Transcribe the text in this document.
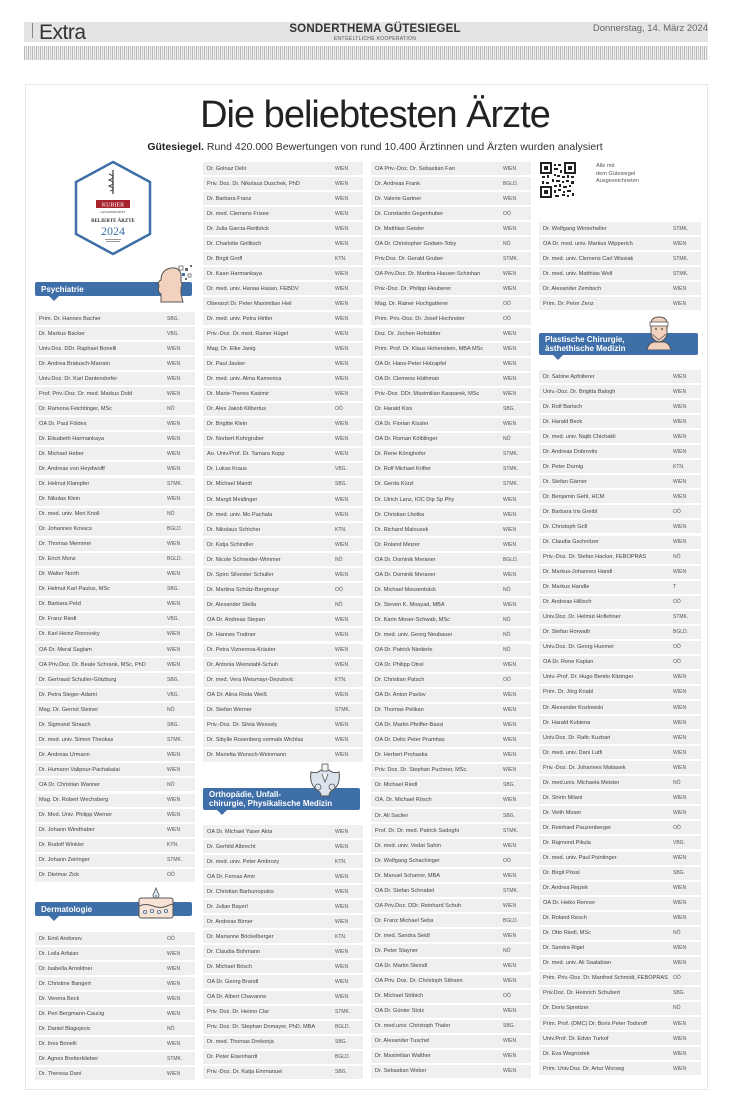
Extra	SONDERTHEMA GÜTESIEGEL
ENTGELTLICHE KOOPERATION
Donnerstag, 14. März 2024
Die beliebtesten Ärzte
Gütesiegel. Rund 420.000 Bewertungen von rund 10.400 Ärztinnen und Ärzten wurden analysiert
KURIER
AUSGEZEICHNET
BELIEBTE ÄRZTE
2024
Alle mit
dem Gütesiegel
Ausgezeichneten
Psychiatrie
Prim. Dr. Hannes Bacher	SBG.
Dr. Markus Backer	VBG.
Univ.Doz. DDr. Raphael Bonelli	WIEN
Dr. Andrea Bratusch-Marrain	WIEN
Univ.Doz. Dr. Karl Dantendorfer	WIEN
Prof. Priv.-Doz. Dr. med. Markus Dold	WIEN
Dr. Ramona Feichtinger, MSc	NÖ
OA Dr. Paul Földes	WIEN
Dr. Elisabeth Harmankaya	WIEN
Dr. Michael Heber	WIEN
Dr. Andreas von Heydwolff	WIEN
Dr. Helmut Klampfer	STMK.
Dr. Nikolas Klein	WIEN
Dr. med. univ. Meri Knoll	NÖ
Dr. Johannes Kovacs	BGLD.
Dr. Thomas Memmer	WIEN
Dr. Erich Monz	BGLD.
Dr. Walter North	WIEN
Dr. Helmut Karl Paulus, MSc	SBG.
Dr. Barbara Pelzl	WIEN
Dr. Franz Riedl	VBG.
Dr. Karl Heinz Ronovsky	WIEN
OÄ Dr. Meral Saglam	WIEN
OA Priv.Doz. Dr. Beate Schrank, MSc, PhD	WIEN
Dr. Gertraud Schuller-Götzburg	SBG.
Dr. Petra Steger-Adami	VBG.
Mag. Dr. Gernot Steiner	NÖ
Dr. Sigmund Straach	SBG.
Dr. med. univ. Simon Theokas	STMK.
Dr. Andreas Urmann	WIEN
Dr. Humann Valipour-Pachakalai	WIEN
OA Dr. Christian Wanner	NÖ
Mag. Dr. Robert Wechsberg	WIEN
Dr. Med. Univ. Philipp Werner	WIEN
Dr. Johann Windhaber	WIEN
Dr. Rudolf Winkler	KTN.
Dr. Johann Zeiringer	STMK.
Dr. Dietmar Zick	OÖ
Dermatologie
Dr. Emil Andonov	OÖ
Dr. Leila Arfaian	WIEN
Dr. Isabella Arnoldner	WIEN
Dr. Christine Bangert	WIEN
Dr. Verena Beck	WIEN
Dr. Peri Bergmann-Caucig	WIEN
Dr. Daniel Blagojevic	NÖ
Dr. Ines Bonelli	WIEN
Dr. Agnes Bretterklieber	STMK.
Dr. Theresa Dani	WIEN
Dr. Golnaz Delir	WIEN
Priv. Doz. Dr. Nikolaus Duschek, PhD	WIEN
Dr. Barbara Franz	WIEN
Dr. med. Clemens Frisee	WIEN
Dr. Julia Garcia-Reitböck	WIEN
Dr. Charlotte Grillitsch	WIEN
Dr. Birgit Groff	KTN.
Dr. Kaan Harmankaya	WIEN
Dr. med. univ. Hanaa Hasan, FEBDV	WIEN
Oberarzt Dr. Peter Maximilian Heil	WIEN
Dr. med. univ. Petra Hirtler	WIEN
Priv.-Doz. Dr. med. Rainer Hügel	WIEN
Mag. Dr. Elke Janig	WIEN
Dr. Paul Jauker	WIEN
Dr. med. univ. Alma Kamenica	WIEN
Dr. Marie-Theres Kasimir	WIEN
Dr. Alex Jakob Kilbertus	OÖ
Dr. Brigitte Klein	WIEN
Dr. Norbert Kohrgruber	WIEN
Ao. Univ.Prof. Dr. Tamara Kopp	WIEN
Dr. Lukas Kraus	VBG.
Dr. Michael Mandl	SBG.
Dr. Margit Meidinger	WIEN
Dr. med. univ. Mo Pachala	WIEN
Dr. Nikolaus Schicher	KTN.
Dr. Katja Schindler	WIEN
Dr. Nicole Schneider-Wimmer	NÖ
Dr. Spiro Silvester Schuller	WIEN
Dr. Martina Schütz-Bergmayr	OÖ
Dr. Alexander Stella	NÖ
OA Dr. Andreas Stepan	WIEN
Dr. Hannes Trattner	WIEN
Dr. Petra Viznerova-Kräuter	WIEN
Dr. Antonia Weinstabl-Schuh	WIEN
Dr. med. Vera Weismayr-Dezulovic	KTN.
OÄ Dr. Alina Roda Weiß	WIEN
Dr. Stefan Werner	STMK.
Priv.-Doz. Dr. Silvia Wessely	WIEN
Dr. Sibylle Rosenberg vormals Wichlas	WIEN
Dr. Marietta Wunsch-Weinmann	WIEN
Orthopädie, Unfall-
chirurgie, Physikalische Medizin
OA Dr. Michael Yaser Akta	WIEN
Dr. Gerhild Albrecht	WIEN
Dr. med. univ. Peter Ambrozy	KTN.
OA Dr. Fernas Amir	WIEN
Dr. Christian Barbunopulos	WIEN
Dr. Julian Bayerl	WIEN
Dr. Andreas Birner	WIEN
Dr. Marianne Böckelberger	KTN.
Dr. Claudia Bohmann	WIEN
Dr. Michael Bösch	WIEN
OA Dr. Georg Brandl	WIEN
OA Dr. Albert Chavanne	WIEN
Priv. Doz. Dr. Heimo Clar	STMK.
Priv. Doz. Dr. Stephan Domayer, PhD, MBA	BGLD.
Dr. med. Thomas Drekonja	SBG.
Dr. Peter Eisenhardt	BGLD.
Priv.-Doz. Dr. Katja Emmanuel	SBG.
OA Priv.-Doz. Dr. Sebastian Farr	WIEN
Dr. Andreas Frank	BGLD.
Dr. Valerie Gartner	WIEN
Dr. Constantin Gegenhuber	OÖ
Dr. Matthias Geisler	WIEN
OA Dr. Christopher Godwin-Toby	NÖ
Priv.Doz. Dr. Gerald Gruber	STMK.
OA Priv.Doz. Dr. Martina Hauser-Schinhan	WIEN
Priv.-Doz. Dr. Philipp Heuberer	WIEN
Mag. Dr. Rainer Hochgatterer	OÖ
Prim. Priv.-Doz. Dr. Josef Hochreiter	OÖ
Doz. Dr. Jochen Hofstätter	WIEN
Prim. Prof. Dr. Klaus Hohenstein, MBA MSc	WIEN
OA Dr. Hans-Peter Holzapfel	WIEN
OA Dr. Clemens Hüthmair	WIEN
Priv.-Doz. DDr. Maximilian Kasparek, MSc	WIEN
Dr. Harald Kiss	SBG.
OA Dr. Florian Kissler	WIEN
OA Dr. Roman Kölblinger	NÖ
Dr. Rene Könighofer	STMK.
Dr. Rolf Michael Krifter	STMK.
Dr. Gerda Kürzl	STMK.
Dr. Ulrich Lanz, IOC Dip Sp Phy	WIEN
Dr. Christian Lhotka	WIEN
Dr. Richard Malousek	WIEN
Dr. Roland Meizer	WIEN
OA Dr. Dominik Meraner	BGLD.
OA Dr. Dominik Meraner	WIEN
Dr. Michael Messenbäck	NÖ
Dr. Steven K. Moayad, MBA	WIEN
Dr. Karin Moser-Schwab, MSc	NÖ
Dr. med. univ. Georg Neubauer	NÖ
OA Dr. Patrick Niederle	NÖ
OA Dr. Philipp Otrel	WIEN
Dr. Christian Patsch	OÖ
OA Dr. Anton Pavlov	WIEN
Dr. Thomas Pelikan	WIEN
OA Dr. Martin Pfeiffer-Bassi	WIEN
OA Dr. Delio Peter Pramhas	WIEN
Dr. Herbert Prohaska	WIEN
Priv. Doz. Dr. Stephan Puchner, MSc.	WIEN
Dr. Michael Riedl	SBG.
OA. Dr. Michael Rösch	WIEN
Dr. Ali Saclier	SBG.
Prof. Dr. Dr. med. Patrick Sadoghi	STMK.
Dr. med. univ. Vedat Sahin	WIEN
Dr. Wolfgang Schachinger	OÖ
Dr. Manuel Scharrer, MBA	WIEN
OA Dr. Stefan Schnabel	STMK.
OA Priv.Doz. DDr. Reinhard Schuh	WIEN
Dr. Franz Michael Seba	BGLD.
Dr. med. Sandra Seidl	WIEN
Dr. Peter Stayner	NÖ
OA Dr. Martin Steindl	WIEN
OA Priv. Doz. Dr. Christoph Stihsen	WIEN
Dr. Michael Stöbich	OÖ
OA Dr. Günter Stolz	WIEN
Dr. med.univ. Christoph Thaler	SBG.
Dr. Alexander Tuschel	WIEN
Dr. Maximilian Walther	WIEN
Dr. Sebastian Weber	WIEN
Dr. Wolfgang Winterheller	STMK.
OA Dr. med. univ. Markus Wipperich	WIEN
Dr. med. univ. Clemens Carl Wissiak	STMK.
Dr. med. univ. Matthias Wolf	STMK.
Dr. Alexander Zembsch	WIEN
Prim. Dr. Peter Zenz	WIEN
Plastische Chirurgie,
ästhethische Medizin
Dr. Sabine Apfolterer	WIEN
Univ.-Doz. Dr. Brigitta Balogh	WIEN
Dr. Rolf Bartsch	WIEN
Dr. Harald Beck	WIEN
Dr. med. univ. Najib Chichakli	WIEN
Dr. Andreas Dobrovits	WIEN
Dr. Peter Durnig	KTN.
Dr. Stefan Gärner	WIEN
Dr. Benjamin Gehl, HCM	WIEN
Dr. Barbara Iris Greibl	OÖ
Dr. Christoph Grill	WIEN
Dr. Claudia Gschnitzer	WIEN
Priv.-Doz. Dr. Stefan Hacker, FEBOPRAS	NÖ
Dr. Markus-Johannes Handl	WIEN
Dr. Markus Handle	T
Dr. Andreas Hillisch	OÖ
Univ.Doz. Dr. Helmut Hoflehner	STMK.
Dr. Stefan Horwath	BGLD.
Univ.Doz. Dr. Georg Huemer	OÖ
OA Dr. Rene Kaplan	OÖ
Univ.-Prof. Dr. Hugo Benito Kitzinger	WIEN
Prim. Dr. Jörg Knabl	WIEN
Dr. Alexander Kozlowski	WIEN
Dr. Harald Kubiena	WIEN
Univ.Doz. Dr. Rafic Kuzbari	WIEN
Dr. med. univ. Dani Lutfi	WIEN
Priv.-Doz. Dr. Johannes Matiasek	WIEN
Dr. med.univ. Michaela Meister	NÖ
Dr. Shirin Milani	WIEN
Dr. Veith Moser	WIEN
Dr. Reinhard Pauzenberger	OÖ
Dr. Rajmond Pikula	VBG.
Dr. med. univ. Paul Pointinger	WIEN
Dr. Birgit Pössl	SBG.
Dr. Andrea Rejzek	WIEN
OA Dr. Heiko Renner	WIEN
Dr. Roland Resch	WIEN
Dr. Otto Riedl, MSc	NÖ
Dr. Sandra Rigel	WIEN
Dr. med. univ. Ali Saalabian	WIEN
Prim. Priv.-Doz. Dr. Manfred Schmidt, FEBOPRAS OÖ
Priv.Doz. Dr. Heinrich Schubert	SBG.
Dr. Doris Spreitzer	NÖ
Prim. Prof. (DMC) Dr. Boris Peter Todoroff	WIEN
Univ.Prof. Dr. Edvin Turkof	WIEN
Dr. Eva Wegrostek	WIEN
Prim. Univ.Doz. Dr. Artur Worseg	WIEN
